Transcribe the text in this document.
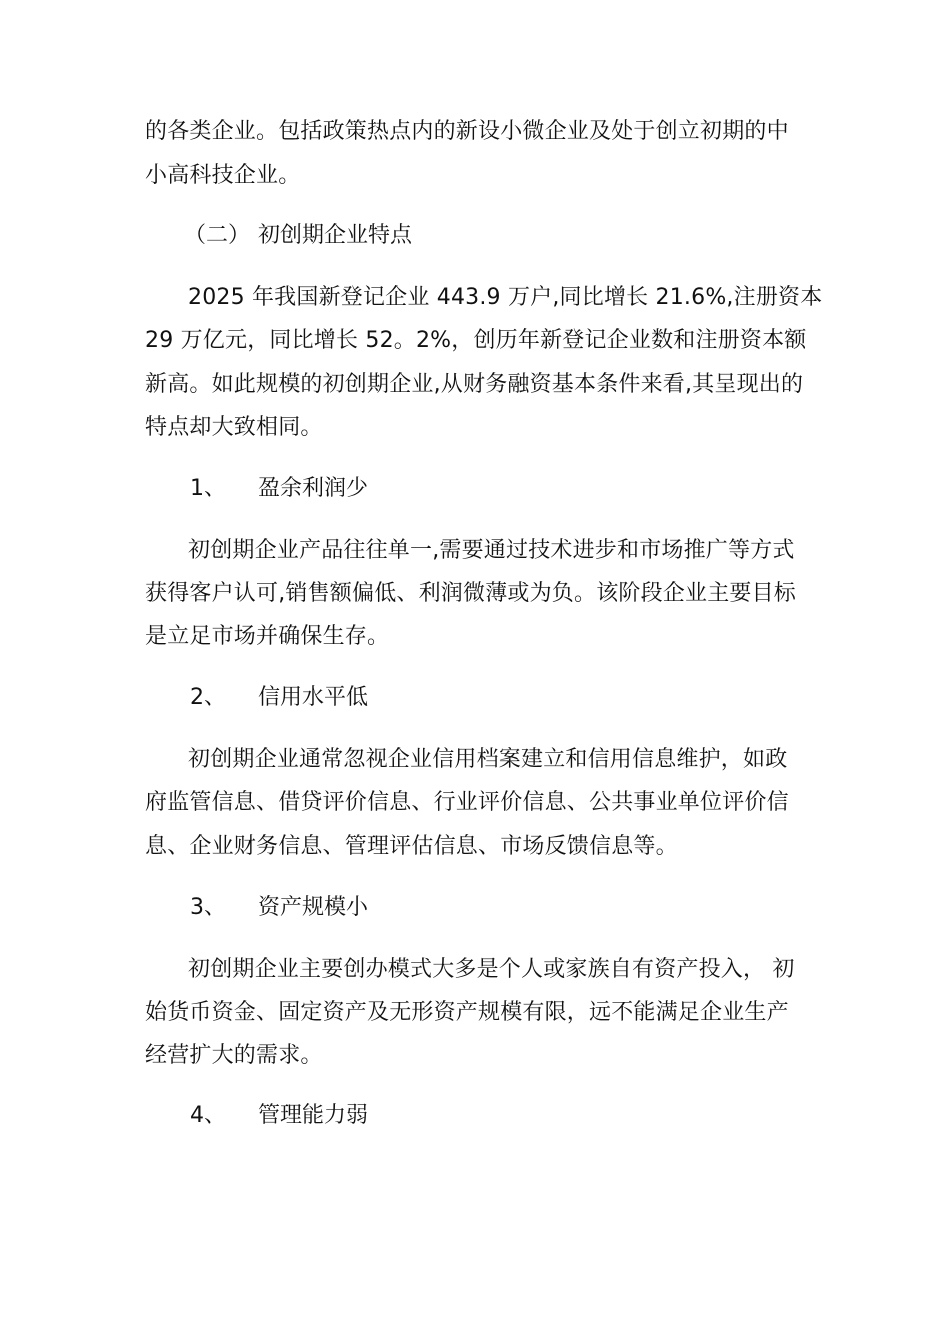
的各类企业。包括政策热点内的新设小微企业及处于创立初期的中
小高科技企业。
（二） 初创期企业特点
2025 年我国新登记企业 443.9 万户,同比增长 21.6%,注册资本
29 万亿元，同比增长 52。2%，创历年新登记企业数和注册资本额
新高。如此规模的初创期企业,从财务融资基本条件来看,其呈现出的
特点却大致相同。
1、 盈余利润少
初创期企业产品往往单一,需要通过技术进步和市场推广等方式
获得客户认可,销售额偏低、利润微薄或为负。该阶段企业主要目标
是立足市场并确保生存。
2、 信用水平低
初创期企业通常忽视企业信用档案建立和信用信息维护，如政
府监管信息、借贷评价信息、行业评价信息、公共事业单位评价信
息、企业财务信息、管理评估信息、市场反馈信息等。
3、 资产规模小
初创期企业主要创办模式大多是个人或家族自有资产投入， 初
始货币资金、固定资产及无形资产规模有限，远不能满足企业生产
经营扩大的需求。
4、 管理能力弱
